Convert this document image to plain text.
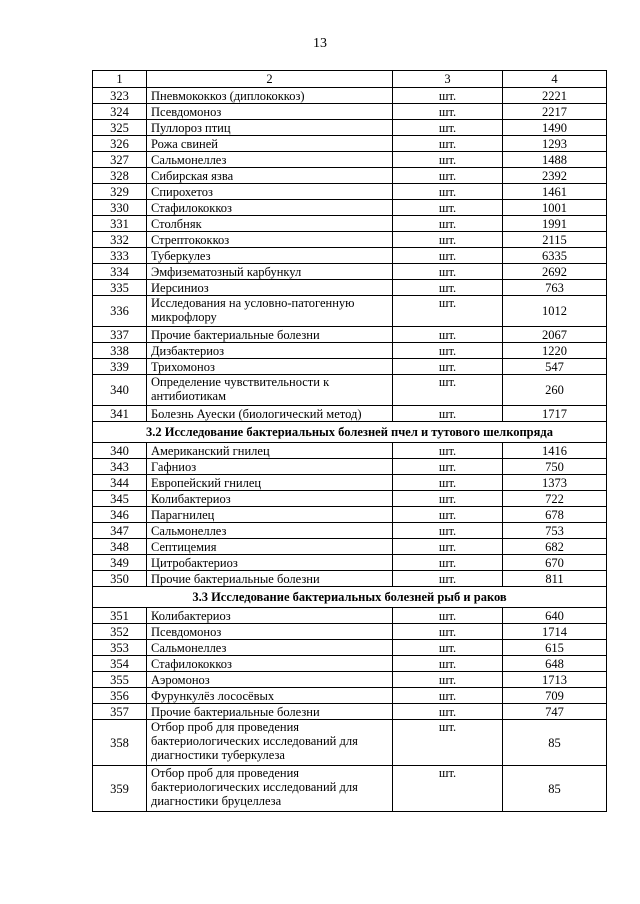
13
1	2	3	4
323	Пневмококкоз (диплококкоз)	шт.	2221
324	Псевдомоноз	шт.	2217
325	Пуллороз птиц	шт.	1490
326	Рожа свиней	шт.	1293
327	Сальмонеллез	шт.	1488
328	Сибирская язва	шт.	2392
329	Спирохетоз	шт.	1461
330	Стафилококкоз	шт.	1001
331	Столбняк	шт.	1991
332	Стрептококкоз	шт.	2115
333	Туберкулез	шт.	6335
334	Эмфизематозный карбункул	шт.	2692
335	Иерсиниоз	шт.	763
336	Исследования на условно-патогенную микрофлору	шт.	1012
337	Прочие бактериальные болезни	шт.	2067
338	Дизбактериоз	шт.	1220
339	Трихомоноз	шт.	547
340	Определение чувствительности к антибиотикам	шт.	260
341	Болезнь Ауески (биологический метод)	шт.	1717
3.2 Исследование бактериальных болезней пчел и тутового шелкопряда			
340	Американский гнилец	шт.	1416
343	Гафниоз	шт.	750
344	Европейский гнилец	шт.	1373
345	Колибактериоз	шт.	722
346	Парагнилец	шт.	678
347	Сальмонеллез	шт.	753
348	Септицемия	шт.	682
349	Цитробактериоз	шт.	670
350	Прочие бактериальные болезни	шт.	811
3.3 Исследование бактериальных болезней рыб и раков			
351	Колибактериоз	шт.	640
352	Псевдомоноз	шт.	1714
353	Сальмонеллез	шт.	615
354	Стафилококкоз	шт.	648
355	Аэромоноз	шт.	1713
356	Фурункулёз лососёвых	шт.	709
357	Прочие бактериальные болезни	шт.	747
358	Отбор проб для проведения бактериологических исследований для диагностики туберкулеза	шт.	85
359	Отбор проб для проведения бактериологических исследований для диагностики бруцеллеза	шт.	85
